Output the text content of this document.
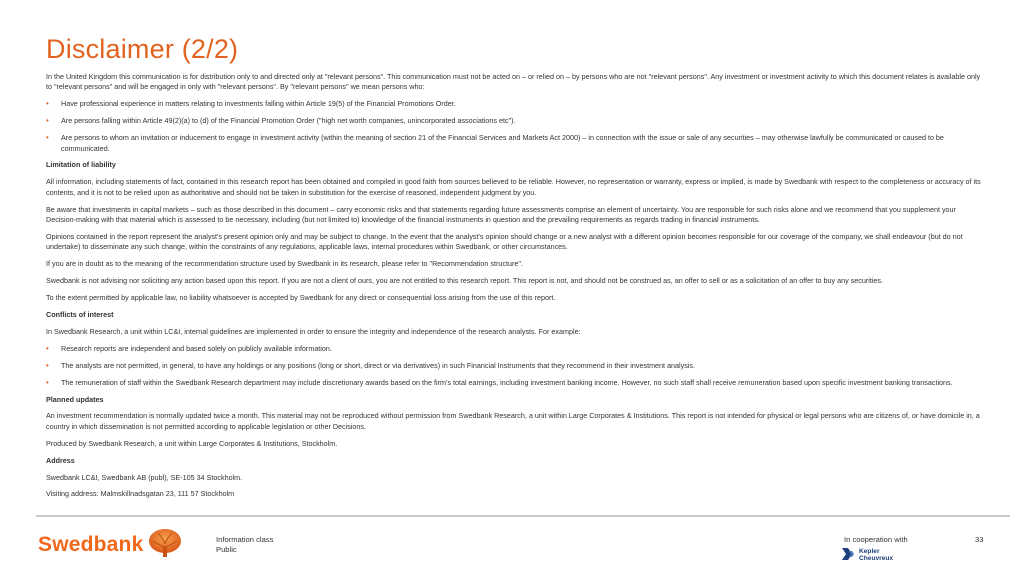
Disclaimer (2/2)

In the United Kingdom this communication is for distribution only to and directed only at "relevant persons". This communication must not be acted on – or relied on – by persons who are not "relevant persons". Any investment or investment activity to which this document relates is available only to "relevant persons" and will be engaged in only with "relevant persons". By "relevant persons" we mean persons who:

• Have professional experience in matters relating to investments falling within Article 19(5) of the Financial Promotions Order.
• Are persons falling within Article 49(2)(a) to (d) of the Financial Promotion Order ("high net worth companies, unincorporated associations etc").
• Are persons to whom an invitation or inducement to engage in investment activity (within the meaning of section 21 of the Financial Services and Markets Act 2000) – in connection with the issue or sale of any securities – may otherwise lawfully be communicated or caused to be communicated.
Limitation of liability

All information, including statements of fact, contained in this research report has been obtained and compiled in good faith from sources believed to be reliable. However, no representation or warranty, express or implied, is made by Swedbank with respect to the completeness or accuracy of its contents, and it is not to be relied upon as authoritative and should not be taken in substitution for the exercise of reasoned, independent judgment by you.

Be aware that investments in capital markets – such as those described in this document – carry economic risks and that statements regarding future assessments comprise an element of uncertainty. You are responsible for such risks alone and we recommend that you supplement your Decision-making with that material which is assessed to be necessary, including (but not limited to) knowledge of the financial instruments in question and the prevailing requirements as regards trading in financial instruments.

Opinions contained in the report represent the analyst's present opinion only and may be subject to change. In the event that the analyst's opinion should change or a new analyst with a different opinion becomes responsible for our coverage of the company, we shall endeavour (but do not undertake) to disseminate any such change, within the constraints of any regulations, applicable laws, internal procedures within Swedbank, or other circumstances.

If you are in doubt as to the meaning of the recommendation structure used by Swedbank in its research, please refer to "Recommendation structure".

Swedbank is not advising nor soliciting any action based upon this report. If you are not a client of ours, you are not entitled to this research report. This report is not, and should not be construed as, an offer to sell or as a solicitation of an offer to buy any securities.

To the extent permitted by applicable law, no liability whatsoever is accepted by Swedbank for any direct or consequential loss arising from the use of this report.

Conflicts of interest

In Swedbank Research, a unit within LC&I, internal guidelines are implemented in order to ensure the integrity and independence of the research analysts. For example:

• Research reports are independent and based solely on publicly available information.
• The analysts are not permitted, in general, to have any holdings or any positions (long or short, direct or via derivatives) in such Financial Instruments that they recommend in their investment analysis.
• The remuneration of staff within the Swedbank Research department may include discretionary awards based on the firm's total earnings, including investment banking income. However, no such staff shall receive remuneration based upon specific investment banking transactions.
Planned updates

An investment recommendation is normally updated twice a month. This material may not be reproduced without permission from Swedbank Research, a unit within Large Corporates & Institutions. This report is not intended for physical or legal persons who are citizens of, or have domicile in, a country in which dissemination is not permitted according to applicable legislation or other Decisions.

Produced by Swedbank Research, a unit within Large Corporates & Institutions, Stockholm.

Address

Swedbank LC&I, Swedbank AB (publ), SE-105 34 Stockholm.

Visiting address: Malmskillnadsgatan 23, 111 57 Stockholm

Swedbank	Information class
Public
In cooperation with
Kepler
Cheuvreux
33
